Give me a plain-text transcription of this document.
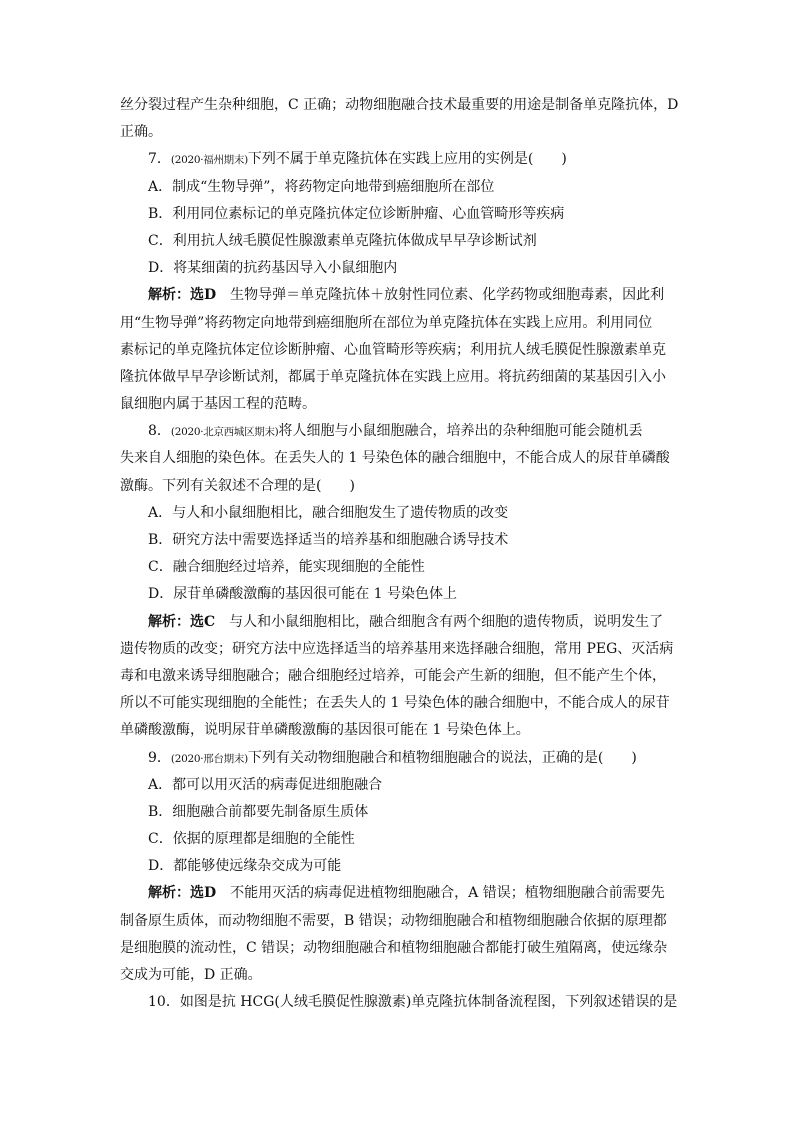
丝分裂过程产生杂种细胞，C 正确；动物细胞融合技术最重要的用途是制备单克隆抗体，D
正确。
7．(2020·福州期末)下列不属于单克隆抗体在实践上应用的实例是(　　)
A．制成“生物导弹”，将药物定向地带到癌细胞所在部位
B．利用同位素标记的单克隆抗体定位诊断肿瘤、心血管畸形等疾病
C．利用抗人绒毛膜促性腺激素单克隆抗体做成早早孕诊断试剂
D．将某细菌的抗药基因导入小鼠细胞内
解析：选D　生物导弹＝单克隆抗体＋放射性同位素、化学药物或细胞毒素，因此利
用“生物导弹”将药物定向地带到癌细胞所在部位为单克隆抗体在实践上应用。利用同位
素标记的单克隆抗体定位诊断肿瘤、心血管畸形等疾病；利用抗人绒毛膜促性腺激素单克
隆抗体做早早孕诊断试剂，都属于单克隆抗体在实践上应用。将抗药细菌的某基因引入小
鼠细胞内属于基因工程的范畴。
8．(2020·北京西城区期末)将人细胞与小鼠细胞融合，培养出的杂种细胞可能会随机丢
失来自人细胞的染色体。在丢失人的 1 号染色体的融合细胞中，不能合成人的尿苷单磷酸
激酶。下列有关叙述不合理的是(　　)
A．与人和小鼠细胞相比，融合细胞发生了遗传物质的改变
B．研究方法中需要选择适当的培养基和细胞融合诱导技术
C．融合细胞经过培养，能实现细胞的全能性
D．尿苷单磷酸激酶的基因很可能在 1 号染色体上
解析：选C　与人和小鼠细胞相比，融合细胞含有两个细胞的遗传物质，说明发生了
遗传物质的改变；研究方法中应选择适当的培养基用来选择融合细胞，常用 PEG、灭活病
毒和电激来诱导细胞融合；融合细胞经过培养，可能会产生新的细胞，但不能产生个体，
所以不可能实现细胞的全能性；在丢失人的 1 号染色体的融合细胞中，不能合成人的尿苷
单磷酸激酶，说明尿苷单磷酸激酶的基因很可能在 1 号染色体上。
9．(2020·邢台期末)下列有关动物细胞融合和植物细胞融合的说法，正确的是(　　)
A．都可以用灭活的病毒促进细胞融合
B．细胞融合前都要先制备原生质体
C．依据的原理都是细胞的全能性
D．都能够使远缘杂交成为可能
解析：选D　不能用灭活的病毒促进植物细胞融合，A 错误；植物细胞融合前需要先
制备原生质体，而动物细胞不需要，B 错误；动物细胞融合和植物细胞融合依据的原理都
是细胞膜的流动性，C 错误；动物细胞融合和植物细胞融合都能打破生殖隔离，使远缘杂
交成为可能，D 正确。
10．如图是抗 HCG(人绒毛膜促性腺激素)单克隆抗体制备流程图，下列叙述错误的是
